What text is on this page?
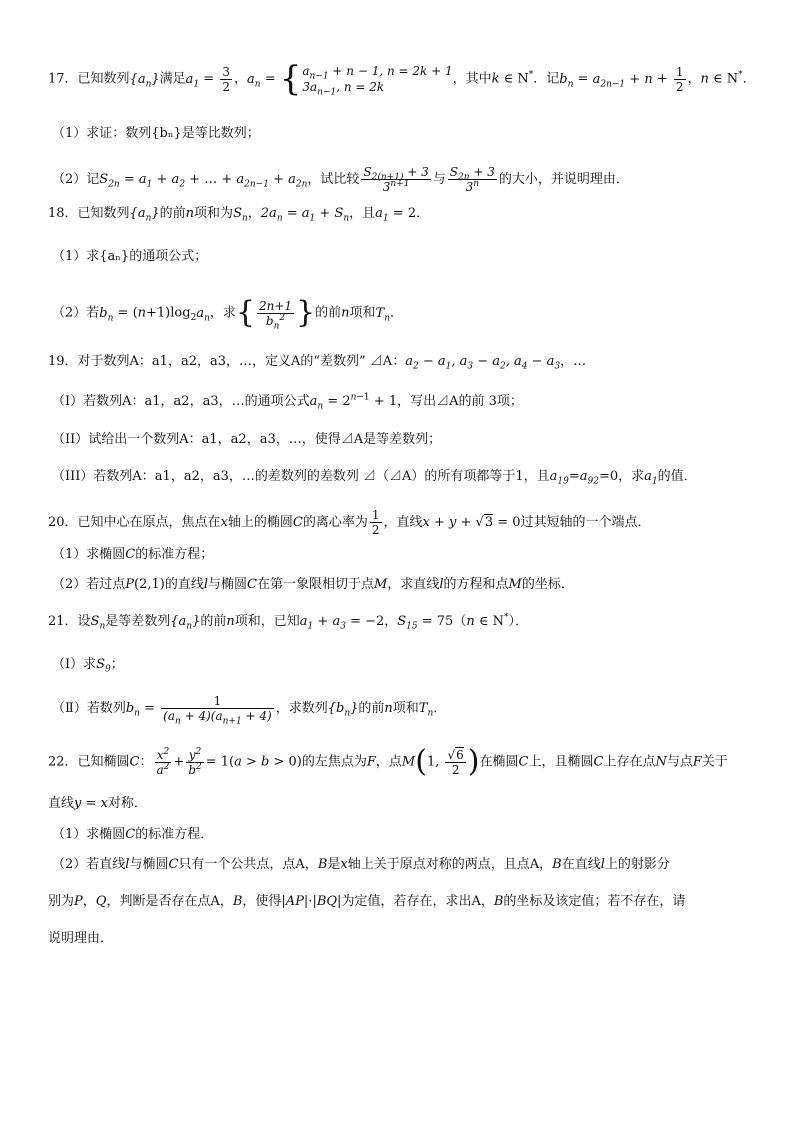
17．已知数列$\{a_n\}$满足$a_1 = \frac{3}{2}$ ，$a_n = \{a_{n-1} + n - 1$, n = 2k + 1
$3a_{n-1}$, n = 2k，其中k ∈ N*．记$b_n = a_{2n-1} + n + \frac{1}{2}$ ，n ∈ N*．
（1）求证：数列{bₙ}是等比数列；
（2）记$S_{2n} = a_1 + a_2$ + … + $a_{2n-1} + a_{2n}$，试比较 $\frac{S_{2(n+1)} + 3}{3^{n+1}}$ 与 $\frac{S_{2n} + 3}{3^n}$ 的大小，并说明理由．
18．已知数列$\{a_n\}$的前n项和为$S_n$，$2a_n = a_1 + S_n$，且$a_1 = 2$．
（1）求{aₙ}的通项公式；
（2）若$b_n = (n+1)\log_2a_n$，求{ $\frac{2n+1}{b_n^2}$ }的前n项和$T_n$．
19．对于数列A：a1，a2，a3，…，定义A的“差数列” ⊿A：$a_2 - a_1$, $a_3 - a_2$, $a_4 - a_3$，…
（I）若数列A：a1，a2，a3，…的通项公式$a_n = 2^{n-1} + 1$，写出⊿A的前 3项；
（II）试给出一个数列A：a1，a2，a3，…，使得⊿A是等差数列；
（III）若数列A：a1，a2，a3，…的差数列的差数列 ⊿（⊿A）的所有项都等于1，且$a_{19}=a_{92}=0$，求$a_1$的值．
20．已知中心在原点，焦点在x轴上的椭圆C的离心率为 $\frac{1}{2}$ ，直线x + y + √3 = 0过其短轴的一个端点．
（1）求椭圆C的标准方程；
（2）若过点P(2,1)的直线l与椭圆C在第一象限相切于点M，求直线l的方程和点M的坐标．
21．设$S_n$是等差数列$\{a_n\}$的前n项和，已知$a_1 + a_3 = -2$，$S_{15} = 75(n$ ∈ N*）．
（Ⅰ）求$S_9$；
（Ⅱ）若数列$b_n = \frac{1}{(a_n + 4)(a_{n+1} + 4)}$ ，求数列$\{b_n\}$的前n项和$T_n$．
22．已知椭圆C： $\frac{x^2}{a^2} + \frac{y^2}{b^2} = 1(a > b > 0)$的左焦点为F，点M(1, $\frac{√6}{2}$ )在椭圆C上，且椭圆C上存在点N与点F关于
直线y = x对称．
（1）求椭圆C的标准方程．
（2）若直线l与椭圆C只有一个公共点，点A，B是x轴上关于原点对称的两点，且点A，B在直线l上的射影分
别为P，Q，判断是否存在点A，B，使得|AP|·|BQ|为定值，若存在，求出A，B的坐标及该定值；若不存在，请
说明理由．
